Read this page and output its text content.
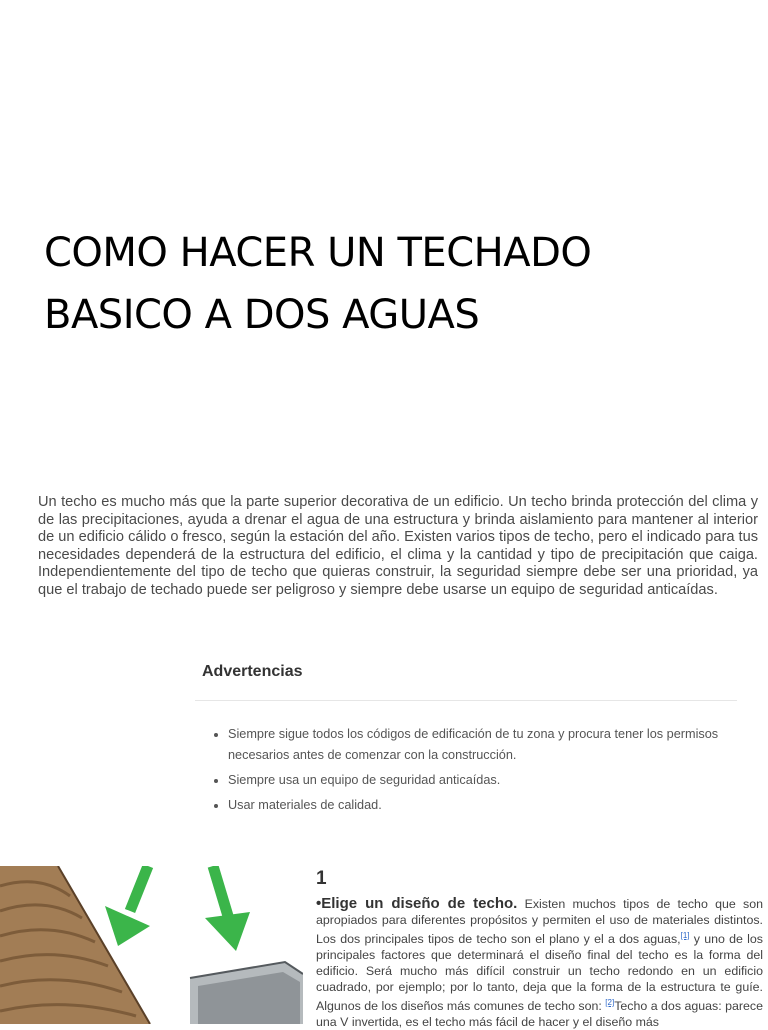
COMO HACER UN TECHADO BASICO A DOS AGUAS

Un techo es mucho más que la parte superior decorativa de un edificio. Un techo brinda protección del clima y de las precipitaciones, ayuda a drenar el agua de una estructura y brinda aislamiento para mantener al interior de un edificio cálido o fresco, según la estación del año. Existen varios tipos de techo, pero el indicado para tus necesidades dependerá de la estructura del edificio, el clima y la cantidad y tipo de precipitación que caiga. Independientemente del tipo de techo que quieras construir, la seguridad siempre debe ser una prioridad, ya que el trabajo de techado puede ser peligroso y siempre debe usarse un equipo de seguridad anticaídas.

Advertencias
• Siempre sigue todos los códigos de edificación de tu zona y procura tener los permisos necesarios antes de comenzar con la construcción.
• Siempre usa un equipo de seguridad anticaídas.
• Usar materiales de calidad.
1

•Elige un diseño de techo. Existen muchos tipos de techo que son apropiados para diferentes propósitos y permiten el uso de materiales distintos. Los dos principales tipos de techo son el plano y el a dos aguas,[1] y uno de los principales factores que determinará el diseño final del techo es la forma del edificio. Será mucho más difícil construir un techo redondo en un edificio cuadrado, por ejemplo; por lo tanto, deja que la forma de la estructura te guíe. Algunos de los diseños más comunes de techo son: [2]Techo a dos aguas: parece una V invertida, es el techo más fácil de hacer y el diseño más
